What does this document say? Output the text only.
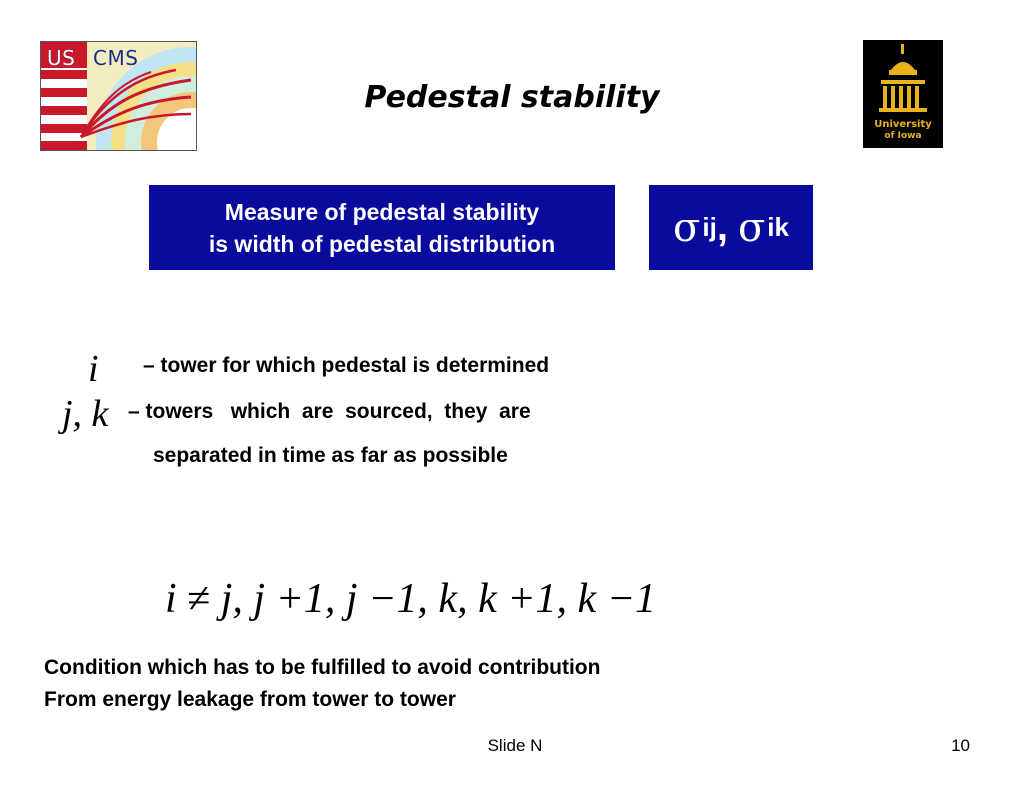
US CMS
Pedestal stability
University
of Iowa
Measure of pedestal stability
is width of pedestal distribution	σ ij , σ ik
i
j, k
– tower for which pedestal is determined
– towers   which  are  sourced,  they  are
separated in time as far as possible
i ≠ j, j +1, j −1, k, k +1, k −1
Condition which has to be fulfilled to avoid contribution
From energy leakage from tower to tower
Slide N	10
